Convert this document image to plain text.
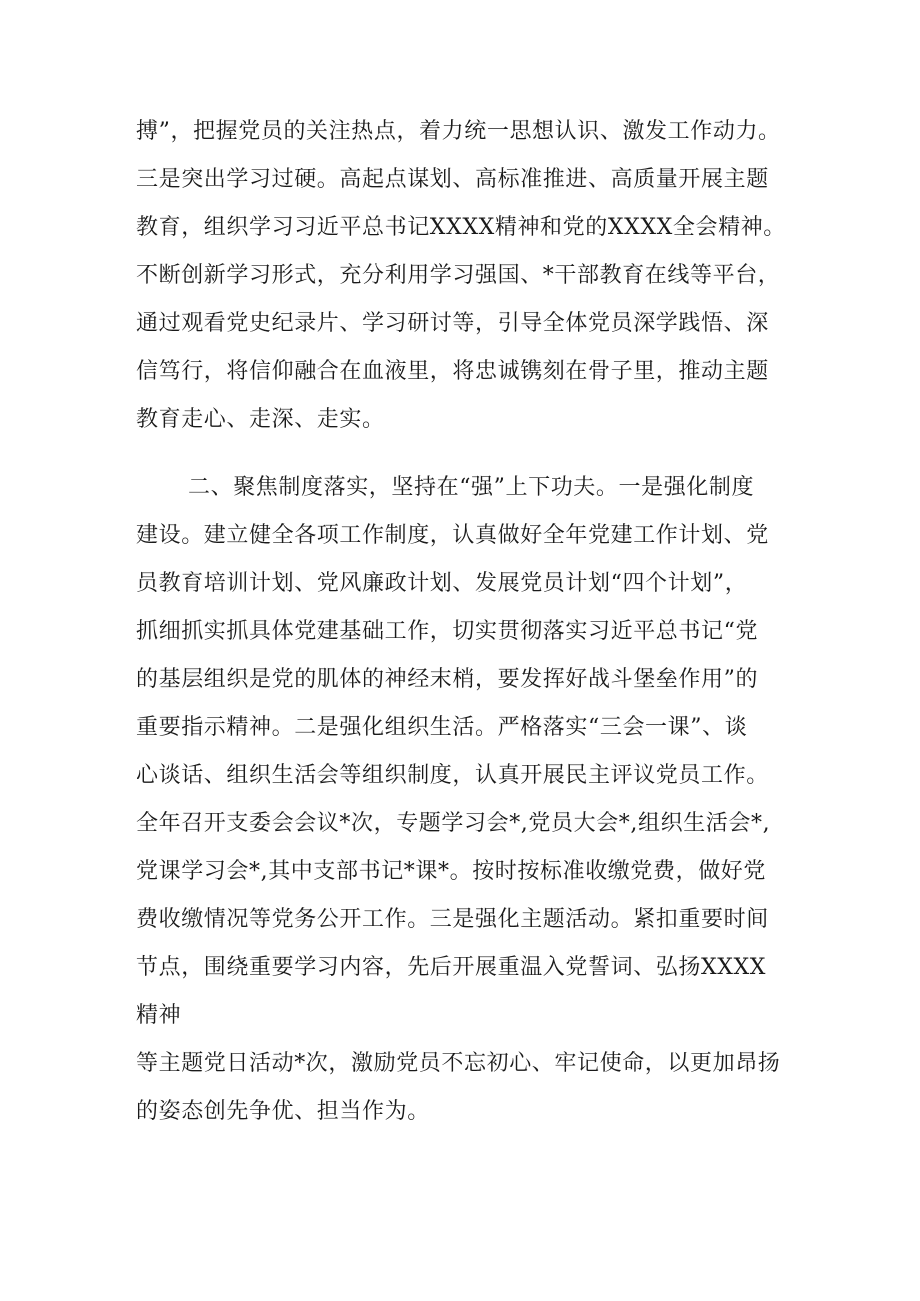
搏”，把握党员的关注热点，着力统一思想认识、激发工作动力。
三是突出学习过硬。高起点谋划、高标准推进、高质量开展主题
教育，组织学习习近平总书记XXXX精神和党的XXXX全会精神。
不断创新学习形式，充分利用学习强国、*干部教育在线等平台，
通过观看党史纪录片、学习研讨等，引导全体党员深学践悟、深
信笃行，将信仰融合在血液里，将忠诚镌刻在骨子里，推动主题
教育走心、走深、走实。
二、聚焦制度落实，坚持在“强”上下功夫。一是强化制度
建设。建立健全各项工作制度，认真做好全年党建工作计划、党
员教育培训计划、党风廉政计划、发展党员计划“四个计划”，
抓细抓实抓具体党建基础工作，切实贯彻落实习近平总书记“党
的基层组织是党的肌体的神经末梢，要发挥好战斗堡垒作用”的
重要指示精神。二是强化组织生活。严格落实“三会一课”、谈
心谈话、组织生活会等组织制度，认真开展民主评议党员工作。
全年召开支委会会议*次，专题学习会*,党员大会*,组织生活会*,
党课学习会*,其中支部书记*课*。按时按标准收缴党费，做好党
费收缴情况等党务公开工作。三是强化主题活动。紧扣重要时间
节点，围绕重要学习内容，先后开展重温入党誓词、弘扬XXXX
精神
等主题党日活动*次，激励党员不忘初心、牢记使命，以更加昂扬
的姿态创先争优、担当作为。
